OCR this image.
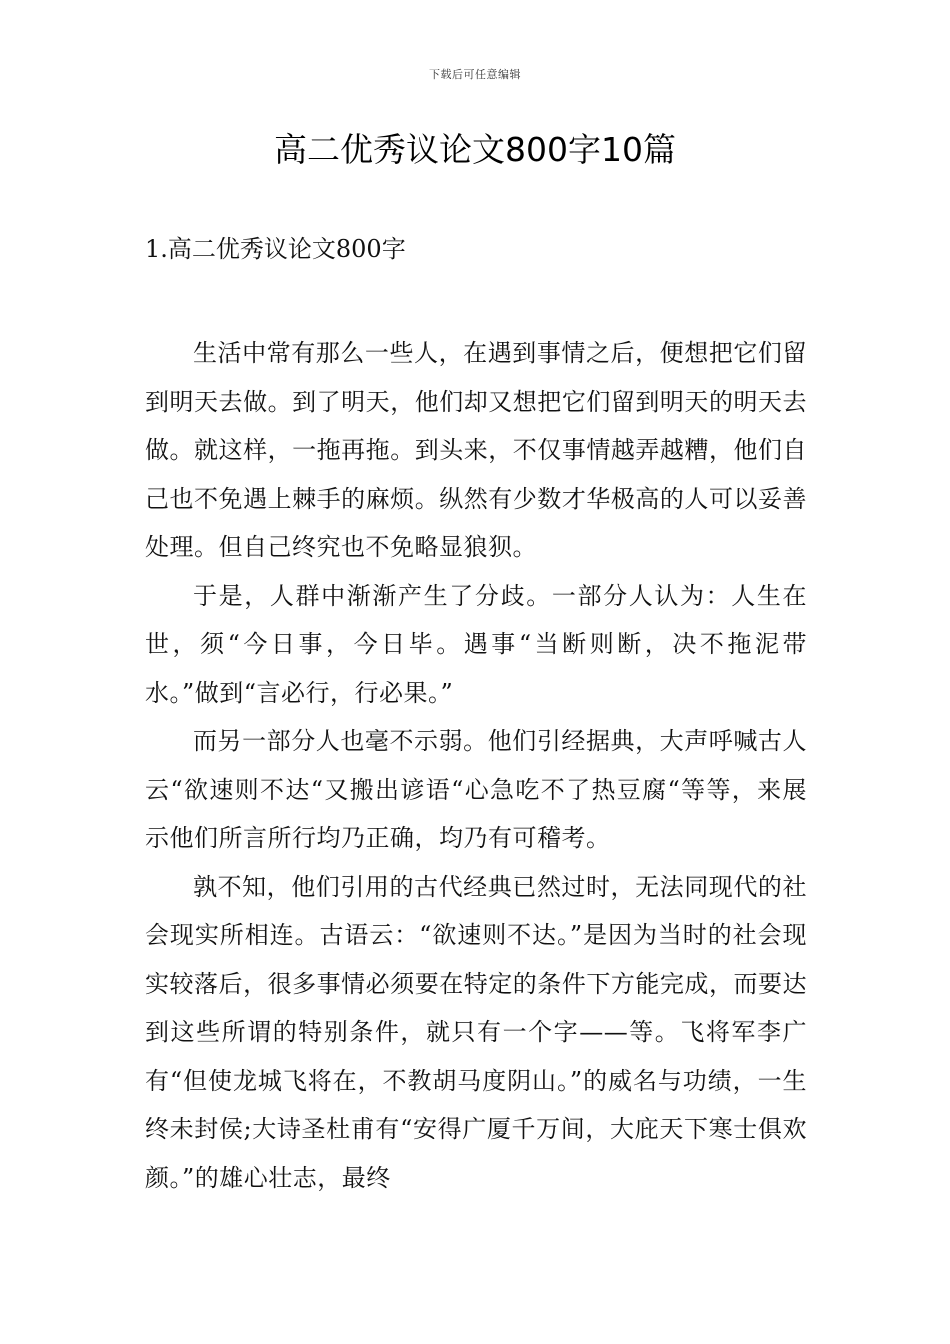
下载后可任意编辑
高二优秀议论文800字10篇
1.高二优秀议论文800字

生活中常有那么一些人，在遇到事情之后，便想把它们留到明天去做。到了明天，他们却又想把它们留到明天的明天去做。就这样，一拖再拖。到头来，不仅事情越弄越糟，他们自己也不免遇上棘手的麻烦。纵然有少数才华极高的人可以妥善处理。但自己终究也不免略显狼狈。

于是，人群中渐渐产生了分歧。一部分人认为：人生在世，须“今日事，今日毕。遇事“当断则断，决不拖泥带水。”做到“言必行，行必果。”

而另一部分人也毫不示弱。他们引经据典，大声呼喊古人云“欲速则不达“又搬出谚语“心急吃不了热豆腐“等等，来展示他们所言所行均乃正确，均乃有可稽考。

孰不知，他们引用的古代经典已然过时，无法同现代的社会现实所相连。古语云：“欲速则不达。”是因为当时的社会现实较落后，很多事情必须要在特定的条件下方能完成，而要达到这些所谓的特别条件，就只有一个字——等。飞将军李广有“但使龙城飞将在，不教胡马度阴山。”的威名与功绩，一生终未封侯;大诗圣杜甫有“安得广厦千万间，大庇天下寒士俱欢颜。”的雄心壮志，最终
